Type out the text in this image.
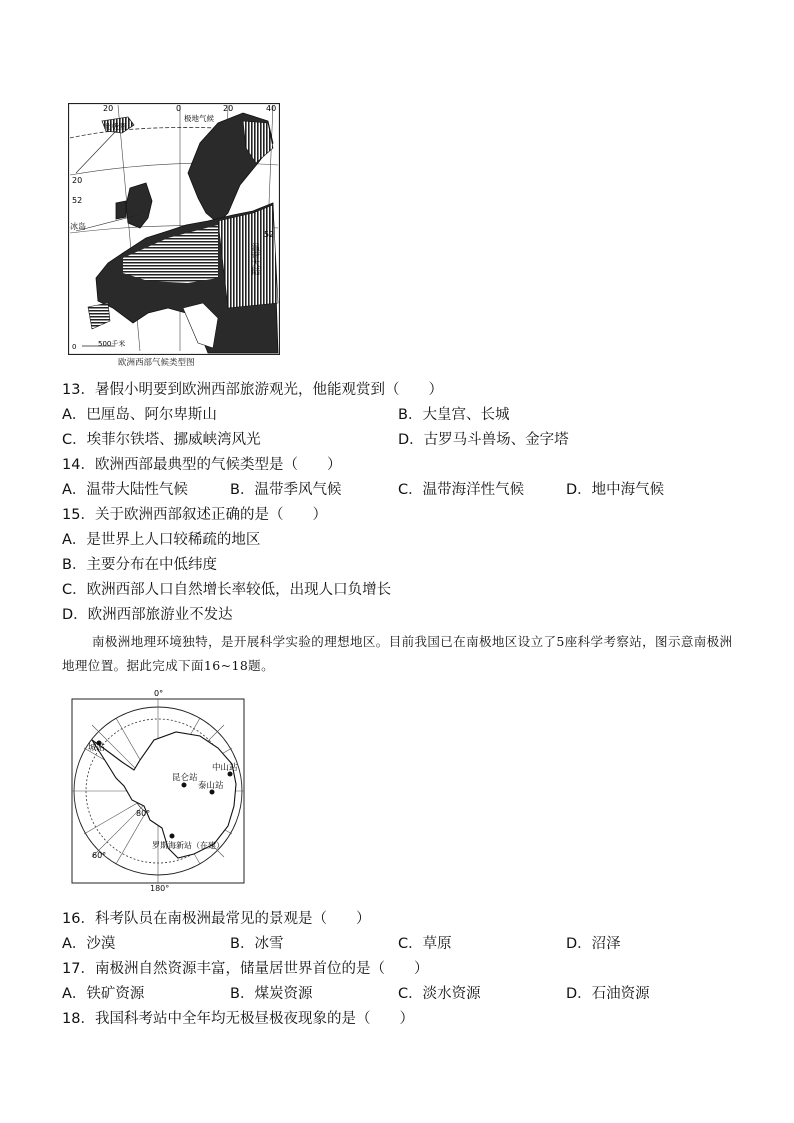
20	0	20	40
20
52
52
北极圈
极地气候
冰岛
温带海
温带大陆
0	500千米
欧洲西部气候类型图
13．暑假小明要到欧洲西部旅游观光，他能观赏到（　　）
A．巴厘岛、阿尔卑斯山	B．大皇宫、长城
C．埃菲尔铁塔、挪威峡湾风光	D．古罗马斗兽场、金字塔
14．欧洲西部最典型的气候类型是（　　）
A．温带大陆性气候	B．温带季风气候	C．温带海洋性气候	D．地中海气候
15．关于欧洲西部叙述正确的是（　　）
A．是世界上人口较稀疏的地区
B．主要分布在中低纬度
C．欧洲西部人口自然增长率较低，出现人口负增长
D．欧洲西部旅游业不发达
南极洲地理环境独特，是开展科学实验的理想地区。目前我国已在南极地区设立了5座科学考察站，图示意南极洲地理位置。据此完成下面16~18题。
0°
城站
中山站
昆仑站
泰山站
罗斯海新站（在建）
80°
60°
180°
16．科考队员在南极洲最常见的景观是（　　）
A．沙漠	B．冰雪	C．草原	D．沼泽
17．南极洲自然资源丰富，储量居世界首位的是（　　）
A．铁矿资源	B．煤炭资源	C．淡水资源	D．石油资源
18．我国科考站中全年均无极昼极夜现象的是（　　）
